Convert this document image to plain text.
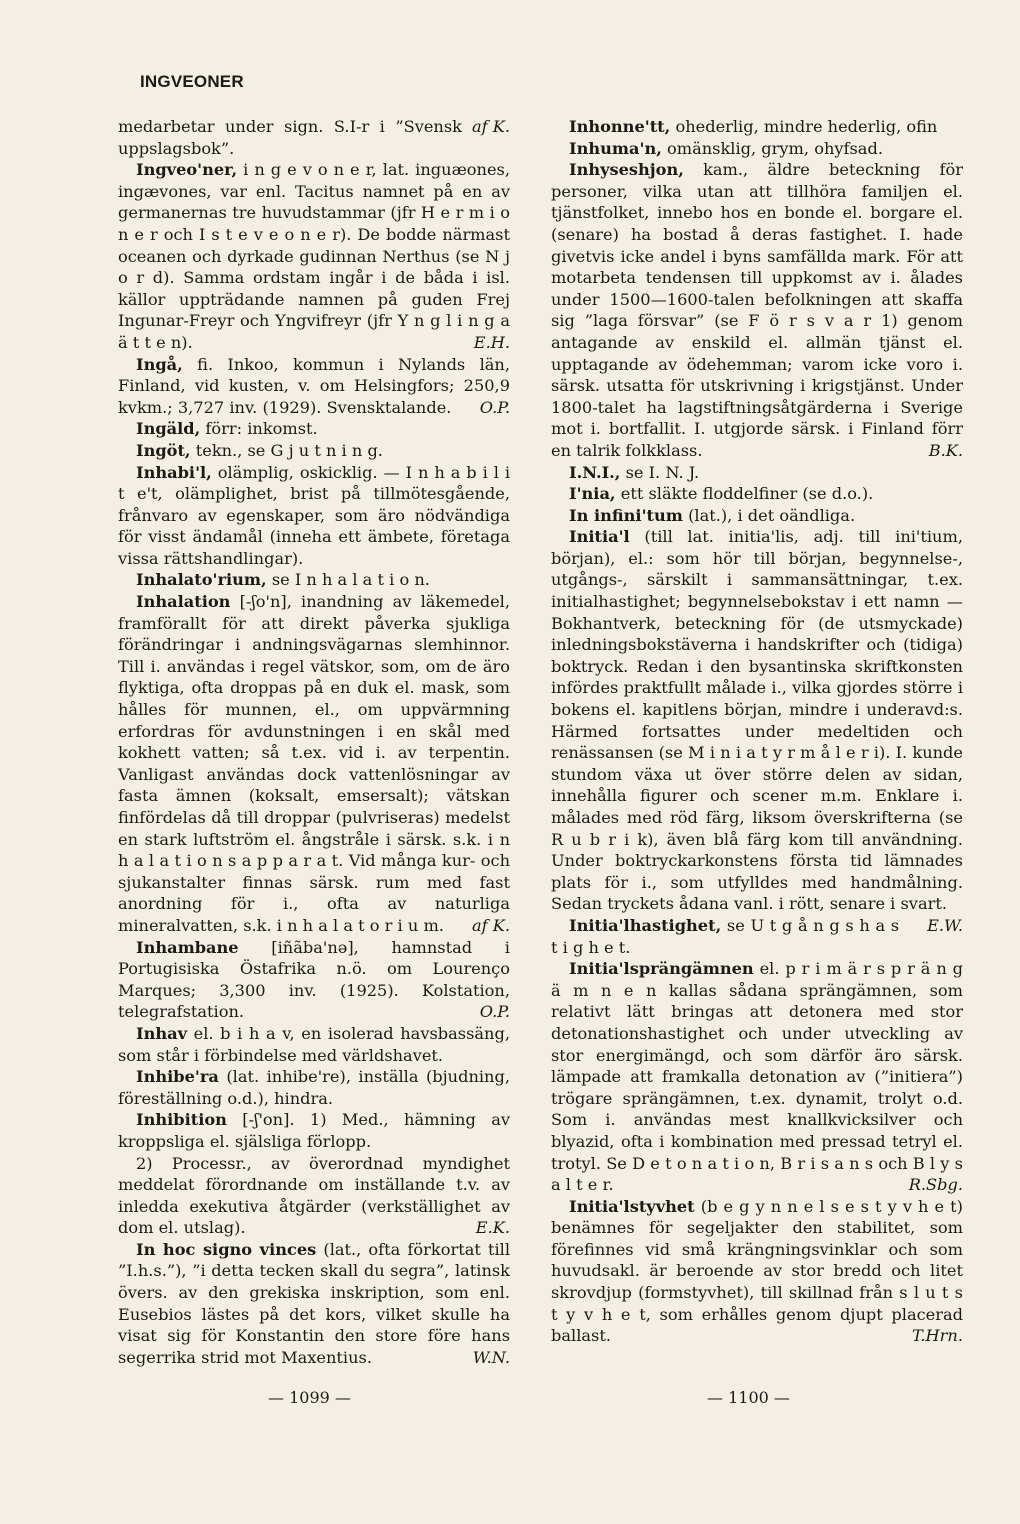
INGVEONER

af K.
medarbetar under sign. S.I-r i ”Svensk uppslagsbok”.

Ingveo'ner, i n g e v o n e r, lat. inguæones, ingævones, var enl. Tacitus namnet på en av germanernas tre huvudstammar (jfr H e r m i o n e r och I s t e v e o n e r). De bodde närmast oceanen och dyrkade gudinnan Nerthus (se N j o r d). Samma ordstam ingår i de båda i isl. källor uppträdande namnen på guden Frej Ingunar-Freyr och Yngvifreyr (jfr Y n g l i n g a ä t t e n).	E.H.

Ingå, fi. Inkoo, kommun i Nylands län, Finland, vid kusten, v. om Helsingfors; 250,9 kvkm.; 3,727 inv. (1929). Svensktalande.	O.P.

Ingäld, förr: inkomst.

Ingöt, tekn., se G j u t n i n g.

Inhabi'l, olämplig, oskicklig. — I n h a b i l i t e't, olämplighet, brist på tillmötesgående, frånvaro av egenskaper, som äro nödvändiga för visst ändamål (inneha ett ämbete, företaga vissa rättshandlingar).

Inhalato'rium, se I n h a l a t i o n.

Inhalation [-ʃo'n], inandning av läkemedel, framförallt för att direkt påverka sjukliga förändringar i andningsvägarnas slemhinnor. Till i. användas i regel vätskor, som, om de äro flyktiga, ofta droppas på en duk el. mask, som hålles för munnen, el., om uppvärmning erfordras för avdunstningen i en skål med kokhett vatten; så t.ex. vid i. av terpentin. Vanligast användas dock vattenlösningar av fasta ämnen (koksalt, emsersalt); vätskan finfördelas då till droppar (pulvriseras) medelst en stark luftström el. ångstråle i särsk. s.k. i n h a l a t i o n s a p p a r a t. Vid många kur- och sjukanstalter finnas särsk. rum med fast anordning för i., ofta av naturliga mineralvatten, s.k. i n h a l a t o r i u m.	af K.

Inhambane [iñãba'nə], hamnstad i Portugisiska Östafrika n.ö. om Lourenço Marques; 3,300 inv. (1925). Kolstation, telegrafstation.	O.P.

Inhav el. b i h a v, en isolerad havsbassäng, som står i förbindelse med världshavet.

Inhibe'ra (lat. inhibe're), inställa (bjudning, föreställning o.d.), hindra.

Inhibition [-ʃ'on]. 1) Med., hämning av kroppsliga el. själsliga förlopp.

2) Processr., av överordnad myndighet meddelat förordnande om inställande t.v. av inledda exekutiva åtgärder (verkställighet av dom el. utslag).	E.K.

In hoc signo vinces (lat., ofta förkortat till ”I.h.s.”), ”i detta tecken skall du segra”, latinsk övers. av den grekiska inskription, som enl. Eusebios lästes på det kors, vilket skulle ha visat sig för Konstantin den store före hans segerrika strid mot Maxentius.	W.N.

Inhonne'tt, ohederlig, mindre hederlig, ofin

Inhuma'n, omänsklig, grym, ohyfsad.

Inhyseshjon, kam., äldre beteckning för personer, vilka utan att tillhöra familjen el. tjänstfolket, innebo hos en bonde el. borgare el. (senare) ha bostad å deras fastighet. I. hade givetvis icke andel i byns samfällda mark. För att motarbeta tendensen till uppkomst av i. ålades under 1500—1600-talen befolkningen att skaffa sig ”laga försvar” (se F ö r s v a r 1) genom antagande av enskild el. allmän tjänst el. upptagande av ödehemman; varom icke voro i. särsk. utsatta för utskrivning i krigstjänst. Under 1800-talet ha lagstiftningsåtgärderna i Sverige mot i. bortfallit. I. utgjorde särsk. i Finland förr en talrik folkklass.	B.K.

I.N.I., se I. N. J.

I'nia, ett släkte floddelfiner (se d.o.).

In infini'tum (lat.), i det oändliga.

Initia'l (till lat. initia'lis, adj. till ini'tium, början), el.: som hör till början, begynnelse-, utgångs-, särskilt i sammansättningar, t.ex. initialhastighet; begynnelsebokstav i ett namn — Bokhantverk, beteckning för (de utsmyckade) inledningsbokstäverna i handskrifter och (tidiga) boktryck. Redan i den bysantinska skriftkonsten infördes praktfullt målade i., vilka gjordes större i bokens el. kapitlens början, mindre i underavd:s. Härmed fortsattes under medeltiden och renässansen (se M i n i a t y r m å l e r i). I. kunde stundom växa ut över större delen av sidan, innehålla figurer och scener m.m. Enklare i. målades med röd färg, liksom överskrifterna (se R u b r i k), även blå färg kom till användning. Under boktryckarkonstens första tid lämnades plats för i., som utfylldes med handmålning. Sedan tryckets ådana vanl. i rött, senare i svart.
E.W.

Initia'lhastighet, se U t g å n g s h a s t i g h e t.

Initia'lsprängämnen el. p r i m ä r s p r ä n g ä m n e n kallas sådana sprängämnen, som relativt lätt bringas att detonera med stor detonationshastighet och under utveckling av stor energimängd, och som därför äro särsk. lämpade att framkalla detonation av (”initiera”) trögare sprängämnen, t.ex. dynamit, trolyt o.d. Som i. användas mest knallkvicksilver och blyazid, ofta i kombination med pressad tetryl el. trotyl. Se D e t o n a t i o n, B r i s a n s och B l y s a l t e r.	R.Sbg.

Initia'lstyvhet (b e g y n n e l s e s t y v h e t) benämnes för segeljakter den stabilitet, som förefinnes vid små krängningsvinklar och som huvudsakl. är beroende av stor bredd och litet skrovdjup (formstyvhet), till skillnad från s l u t s t y v h e t, som erhålles genom djupt placerad ballast.	T.Hrn.

— 1099 —	— 1100 —
